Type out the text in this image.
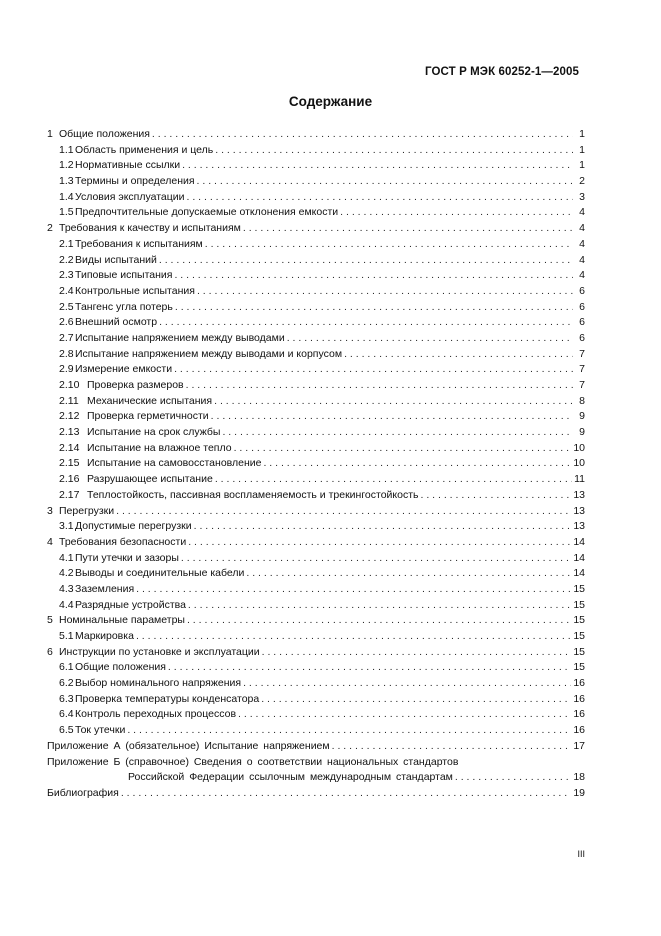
ГОСТ Р МЭК 60252-1—2005
Содержание
1 Общие положения . . .	1
1.1Область применения и цель . . .	1
1.2Нормативные ссылки . . .	1
1.3Термины и определения . . .	2
1.4Условия эксплуатации . . .	3
1.5Предпочтительные допускаемые отклонения емкости . . .	4
2 Требования к качеству и испытаниям . . .	4
2.1Требования к испытаниям . . .	4
2.2Виды испытаний . . .	4
2.3Типовые испытания . . .	4
2.4Контрольные испытания . . .	6
2.5Тангенс угла потерь . . .	6
2.6Внешний осмотр . . .	6
2.7Испытание напряжением между выводами . . .	6
2.8Испытание напряжением между выводами и корпусом . . .	7
2.9Измерение емкости . . .	7
2.10 Проверка размеров . . .	7
2.11 Механические испытания . . .	8
2.12 Проверка герметичности . . .	9
2.13 Испытание на срок службы . . .	9
2.14 Испытание на влажное тепло . . .	10
2.15 Испытание на самовосстановление . . .	10
2.16 Разрушающее испытание . . .	11
2.17 Теплостойкость, пассивная воспламеняемость и трекингостойкость . . .	13
3 Перегрузки . . .	13
3.1Допустимые перегрузки . . .	13
4 Требования безопасности . . .	14
4.1Пути утечки и зазоры . . .	14
4.2Выводы и соединительные кабели . . .	14
4.3Заземления . . .	15
4.4Разрядные устройства . . .	15
5 Номинальные параметры . . .	15
5.1Маркировка . . .	15
6 Инструкции по установке и эксплуатации . . .	15
6.1Общие положения . . .	15
6.2Выбор номинального напряжения . . .	16
6.3Проверка температуры конденсатора . . .	16
6.4Контроль переходных процессов . . .	16
6.5Ток утечки . . .	16
Приложение А (обязательное) Испытание напряжением . . .	17
Приложение Б (справочное) Сведения о соответствии национальных стандартов
Российской Федерации ссылочным международным стандартам . . .	18
Библиография . . .	19
III
